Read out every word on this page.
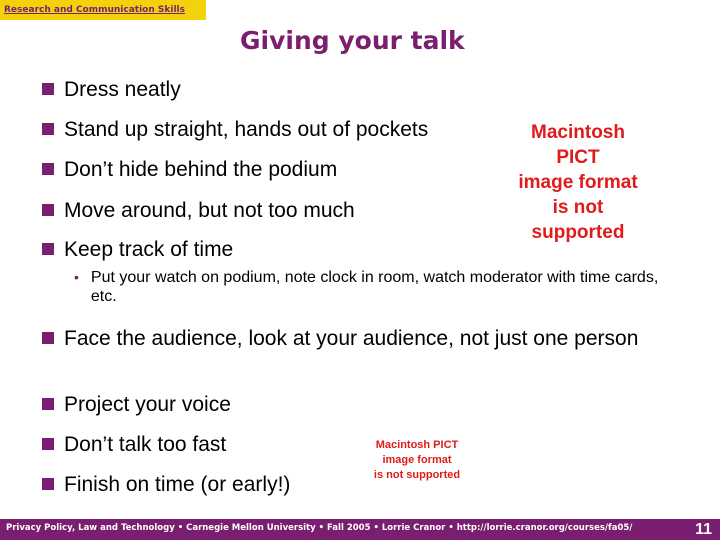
Research and Communication Skills
Giving your talk
Dress neatly
Stand up straight, hands out of pockets
Don’t hide behind the podium
Move around, but not too much
Keep track of time
• Put your watch on podium, note clock in room, watch moderator with time cards, etc.
Face the audience, look at your audience, not just one person
Project your voice
Don’t talk too fast
Finish on time (or early!)
Macintosh PICT
image format
is not supported
Macintosh PICT
image format
is not supported
Privacy Policy, Law and Technology • Carnegie Mellon University • Fall 2005 • Lorrie Cranor • http://lorrie.cranor.org/courses/fa05/	11
